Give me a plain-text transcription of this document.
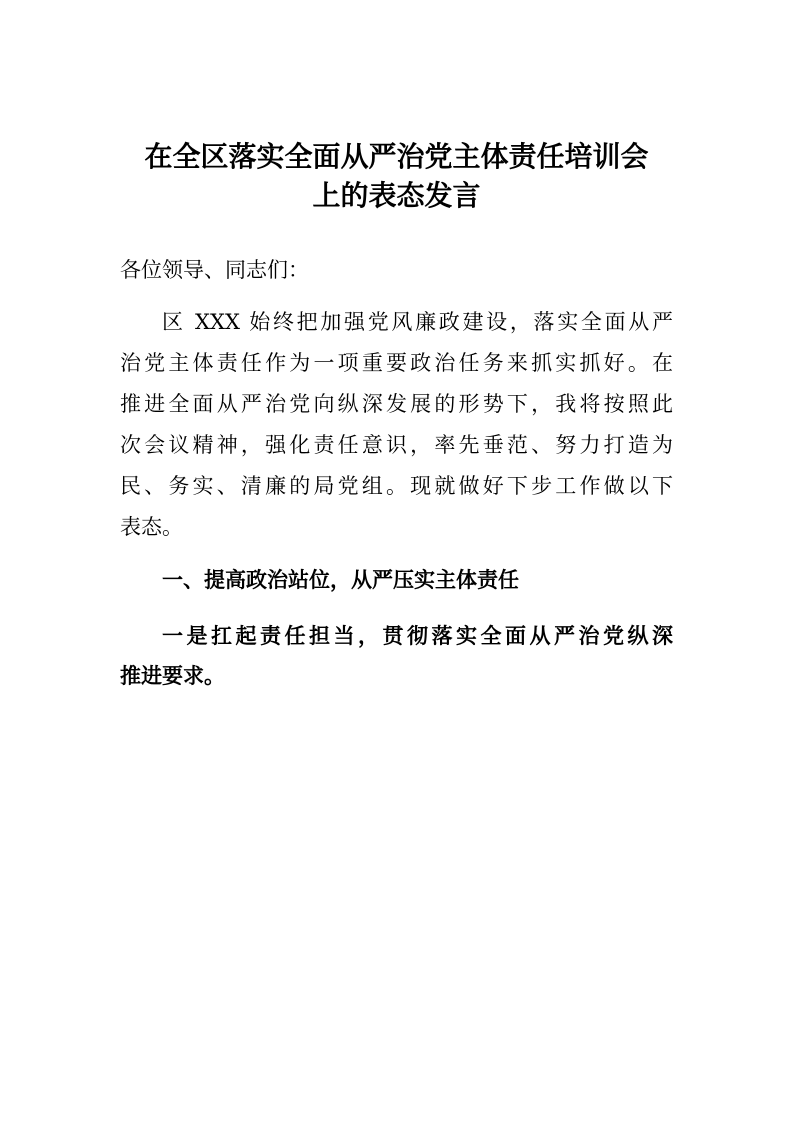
在全区落实全面从严治党主体责任培训会
上的表态发言
各位领导、同志们：
区 XXX 始终把加强党风廉政建设，落实全面从严
治党主体责任作为一项重要政治任务来抓实抓好。在
推进全面从严治党向纵深发展的形势下，我将按照此
次会议精神，强化责任意识，率先垂范、努力打造为
民、务实、清廉的局党组。现就做好下步工作做以下
表态。
一、提高政治站位，从严压实主体责任
一是扛起责任担当，贯彻落实全面从严治党纵深
推进要求。
